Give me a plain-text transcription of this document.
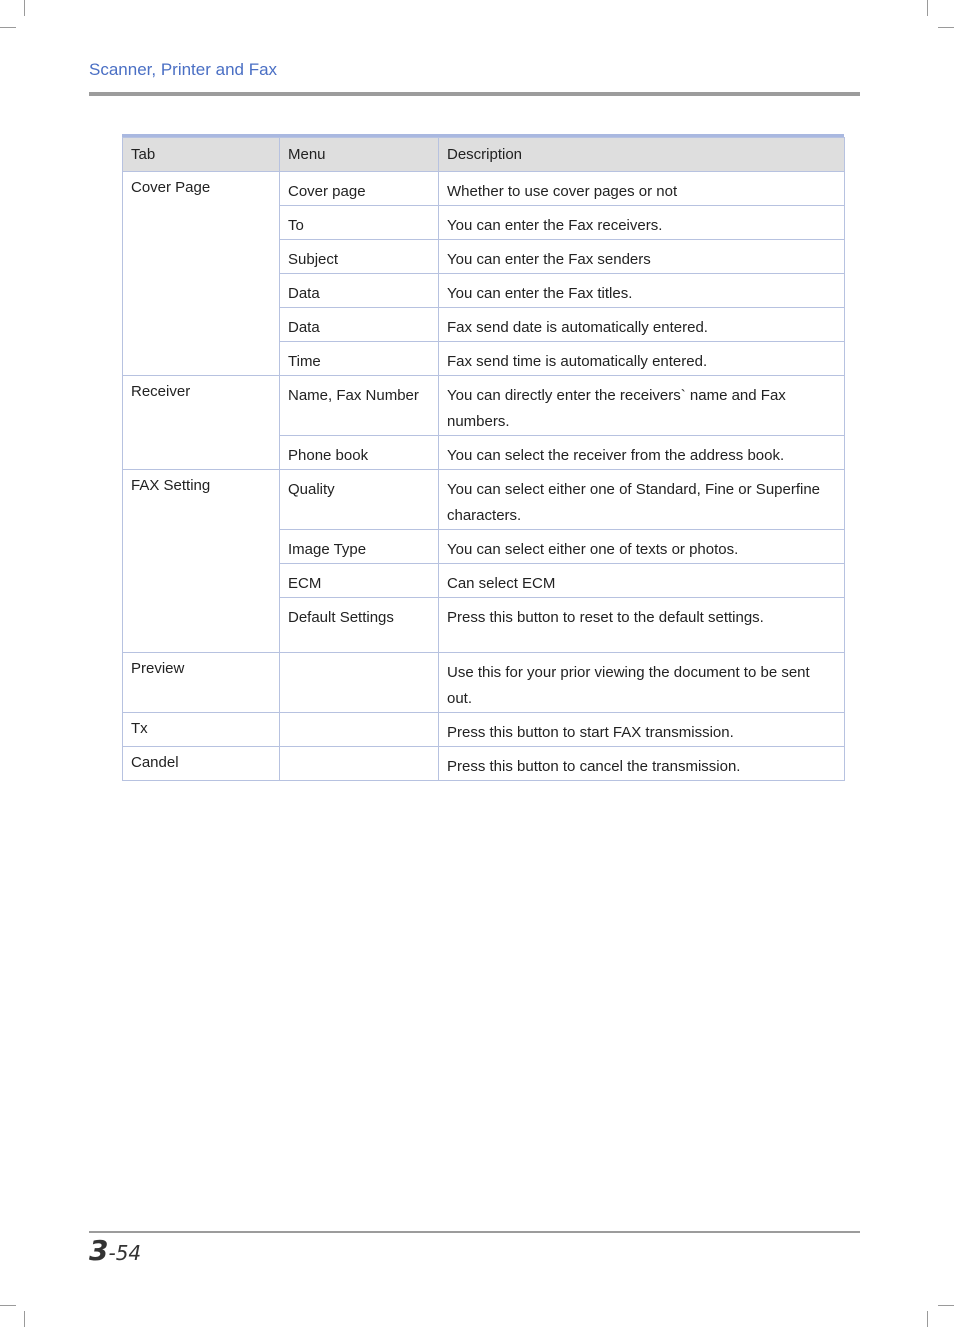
Scanner, Printer and Fax
Tab	Menu	Description
Cover Page	Cover page	Whether to use cover pages or not
	To	You can enter the Fax receivers.
	Subject	You can enter the Fax senders
	Data	You can enter the Fax titles.
	Data	Fax send date is automatically entered.
	Time	Fax send time is automatically entered.
Receiver	Name, Fax Number	You can directly enter the receivers` name and Fax numbers.
	Phone book	You can select the receiver from the address book.
FAX Setting	Quality	You can select either one of Standard, Fine or Superfine characters.
	Image Type	You can select either one of texts or photos.
	ECM	Can select ECM
	Default Settings	Press this button to reset to the default settings.
Preview		Use this for your prior viewing the document to be sent out.
Tx		Press this button to start FAX transmission.
Candel		Press this button to cancel the transmission.
3-54
